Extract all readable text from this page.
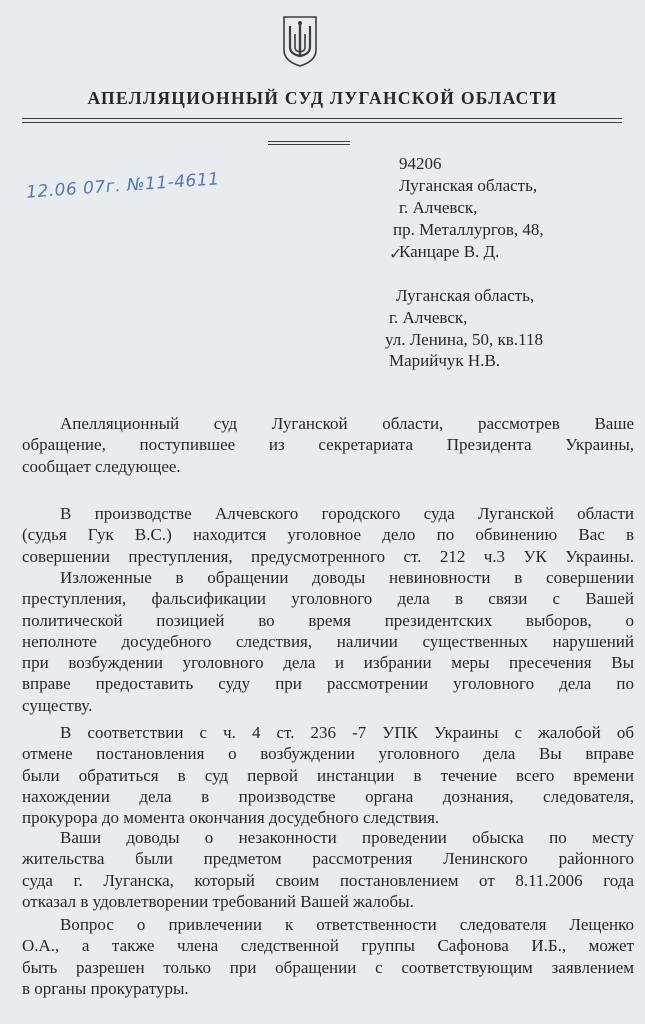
АПЕЛЛЯЦИОННЫЙ СУД ЛУГАНСКОЙ ОБЛАСТИ
12.06 07г. №11-4611
94206
Луганская область,
г. Алчевск,
пр. Металлургов, 48,
✓
Канцаре В. Д.
Луганская область,
г. Алчевск,
ул. Ленина, 50, кв.118
Марийчук Н.В.
Апелляционный суд Луганской области, рассмотрев Ваше
обращение, поступившее из секретариата Президента Украины,
сообщает следующее.
В производстве Алчевского городского суда Луганской области
(судья Гук В.С.) находится уголовное дело по обвинению Вас в
совершении преступления, предусмотренного ст. 212 ч.3 УК Украины.
Изложенные в обращении доводы невиновности в совершении
преступления, фальсификации уголовного дела в связи с Вашей
политической позицией во время президентских выборов, о
неполноте досудебного следствия, наличии существенных нарушений
при возбуждении уголовного дела и избрании меры пресечения Вы
вправе предоставить суду при рассмотрении уголовного дела по
существу.
В соответствии с ч. 4 ст. 236 -7 УПК Украины с жалобой об
отмене постановления о возбуждении уголовного дела Вы вправе
были обратиться в суд первой инстанции в течение всего времени
нахождении дела в производстве органа дознания, следователя,
прокурора до момента окончания досудебного следствия.
Ваши доводы о незаконности проведении обыска по месту
жительства были предметом рассмотрения Ленинского районного
суда г. Луганска, который своим постановлением от 8.11.2006 года
отказал в удовлетворении требований Вашей жалобы.
Вопрос о привлечении к ответственности следователя Лещенко
О.А., а также члена следственной группы Сафонова И.Б., может
быть разрешен только при обращении с соответствующим заявлением
в органы прокуратуры.
